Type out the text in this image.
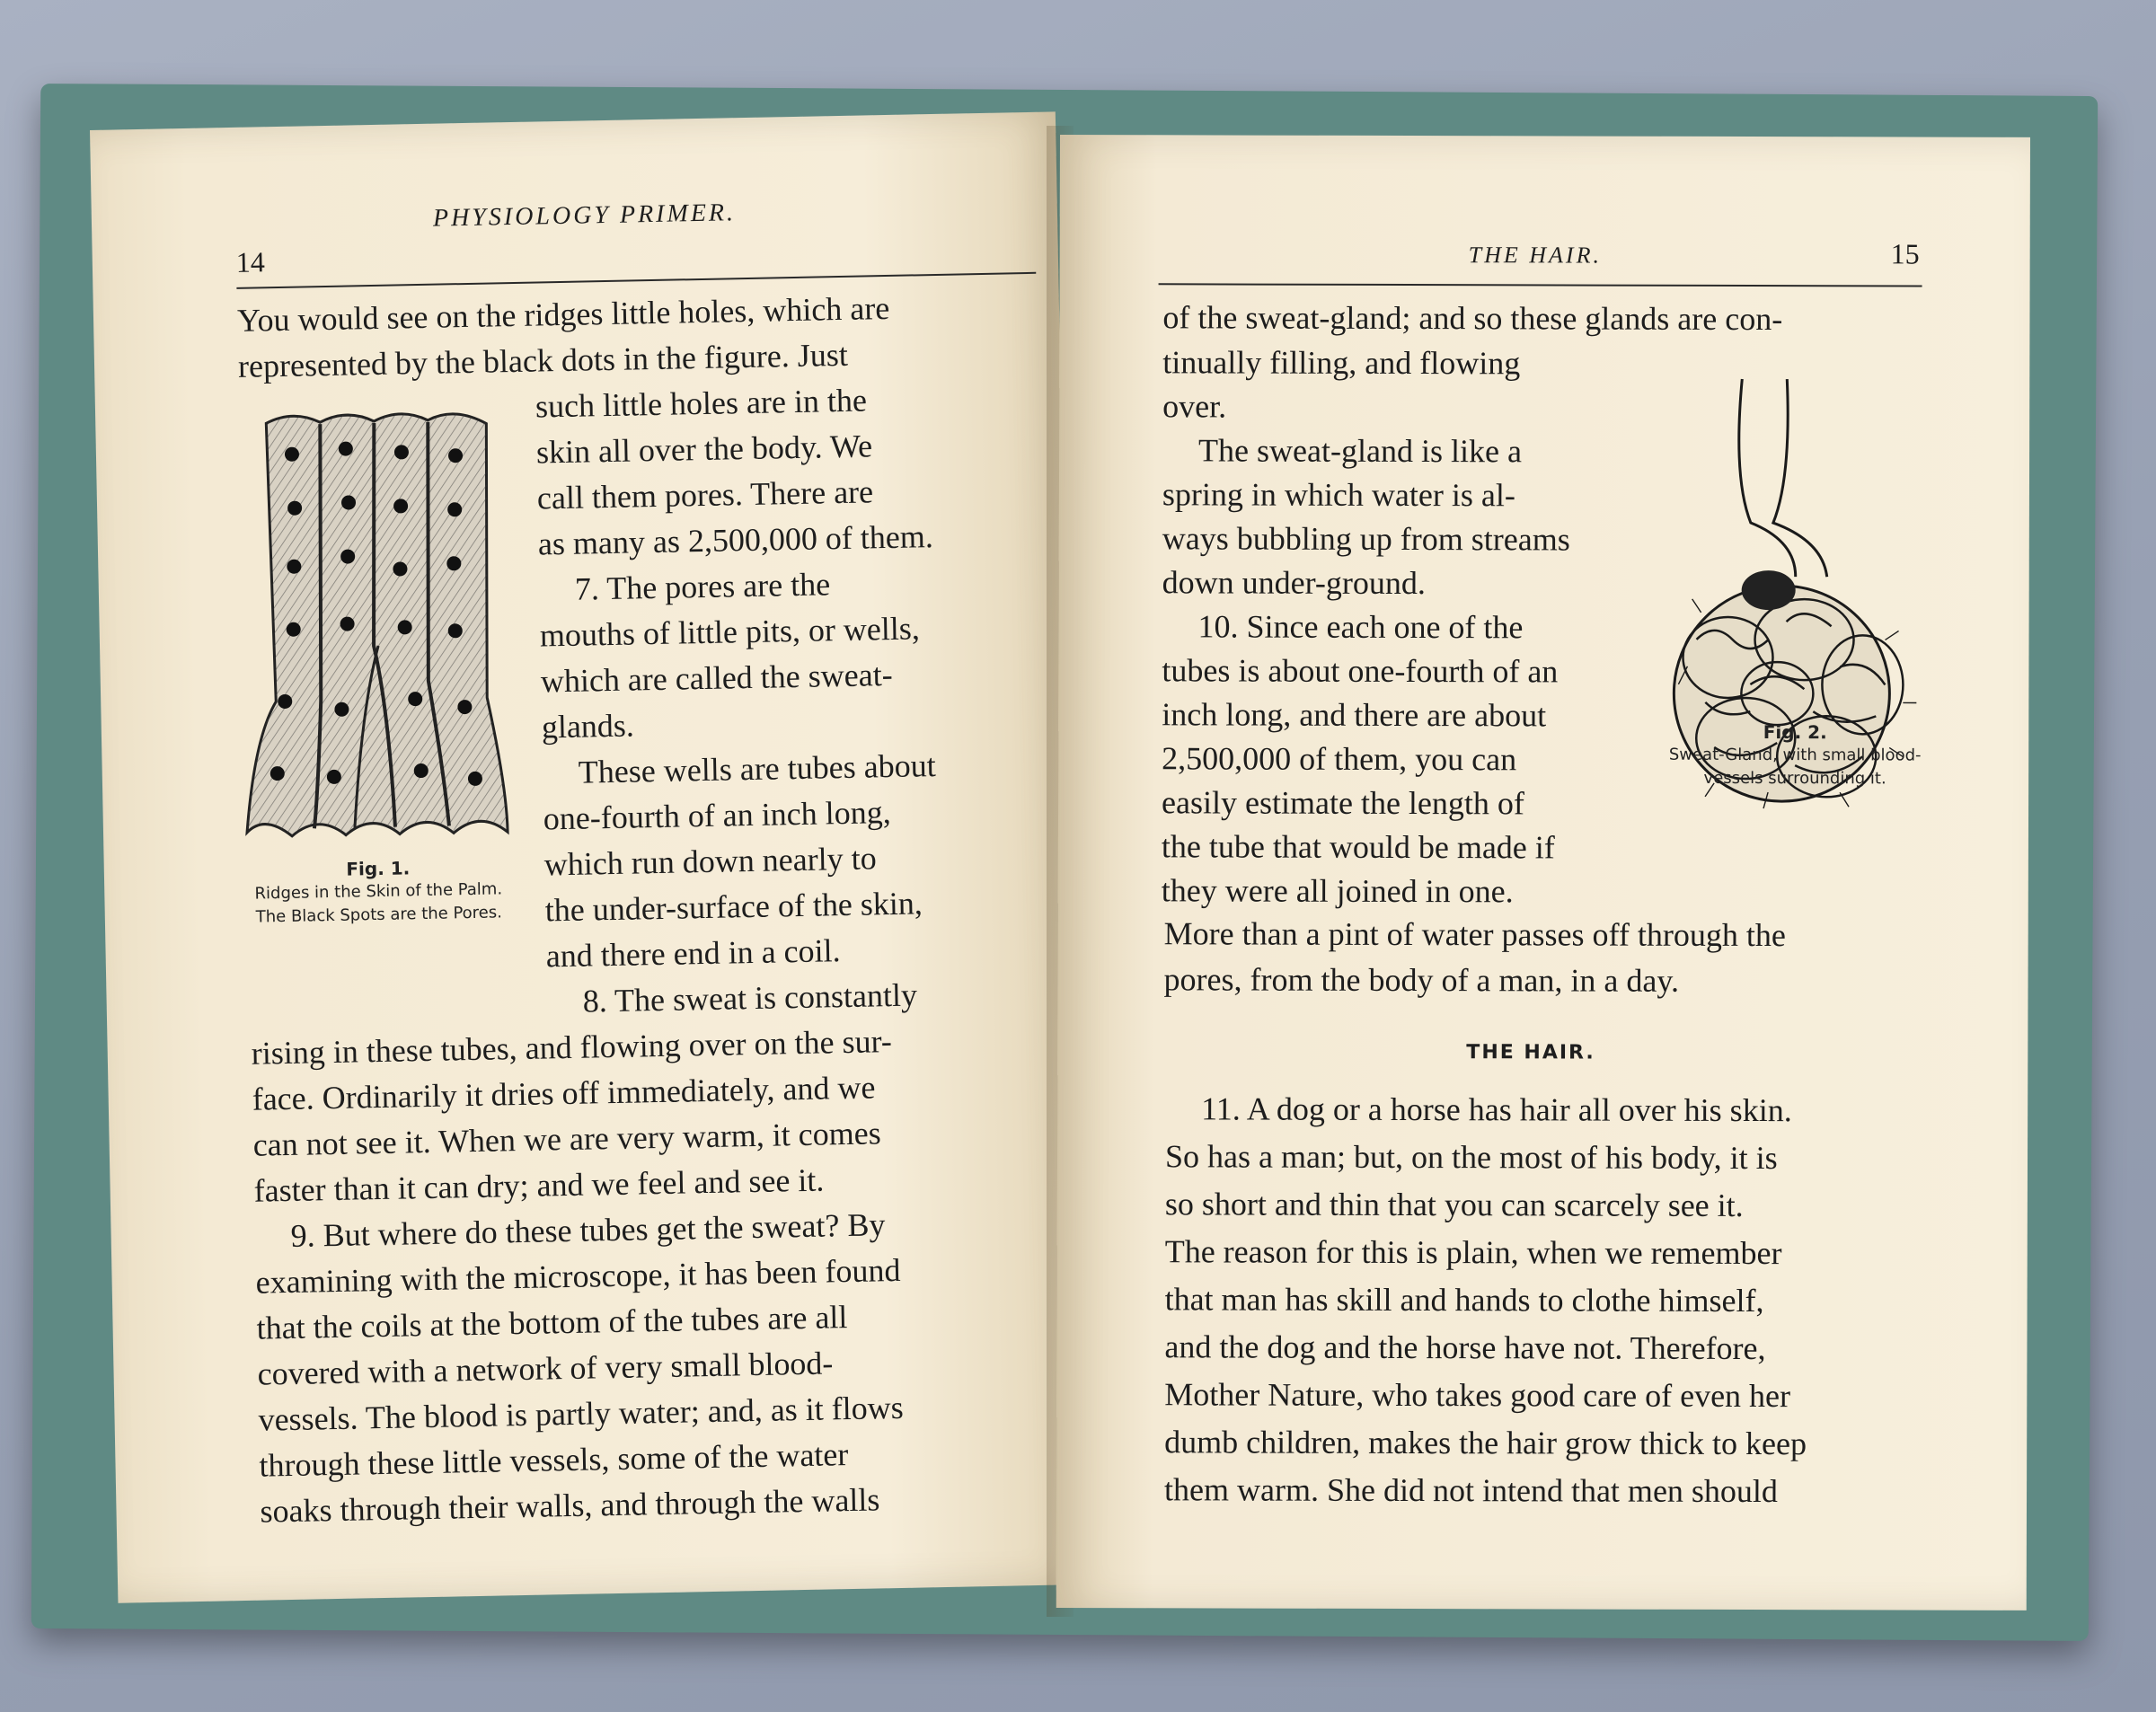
14
PHYSIOLOGY PRIMER.

You would see on the ridges little holes, which are

represented by the black dots in the figure. Just

Fig. 1.
Ridges in the Skin of the Palm.
The Black Spots are the Pores.

such little holes are in the

skin all over the body. We

call them pores. There are

as many as 2,500,000 of them.

7. The pores are the

mouths of little pits, or wells,

which are called the sweat-

glands.

These wells are tubes about

one-fourth of an inch long,

which run down nearly to

the under-surface of the skin,

and there end in a coil.

8. The sweat is constantly

rising in these tubes, and flowing over on the sur-

face. Ordinarily it dries off immediately, and we

can not see it. When we are very warm, it comes

faster than it can dry; and we feel and see it.

9. But where do these tubes get the sweat? By

examining with the microscope, it has been found

that the coils at the bottom of the tubes are all

covered with a network of very small blood-

vessels. The blood is partly water; and, as it flows

through these little vessels, some of the water

soaks through their walls, and through the walls

THE HAIR.	15

of the sweat-gland; and so these glands are con-

tinually filling, and flowing

over.

The sweat-gland is like a

spring in which water is al-

ways bubbling up from streams

down under-ground.

10. Since each one of the

tubes is about one-fourth of an

inch long, and there are about

2,500,000 of them, you can

easily estimate the length of

the tube that would be made if

they were all joined in one.

Fig. 2.
Sweat-Gland, with small blood-
vessels surrounding it.

More than a pint of water passes off through the

pores, from the body of a man, in a day.

THE HAIR.

11. A dog or a horse has hair all over his skin.

So has a man; but, on the most of his body, it is

so short and thin that you can scarcely see it.

The reason for this is plain, when we remember

that man has skill and hands to clothe himself,

and the dog and the horse have not. Therefore,

Mother Nature, who takes good care of even her

dumb children, makes the hair grow thick to keep

them warm. She did not intend that men should
